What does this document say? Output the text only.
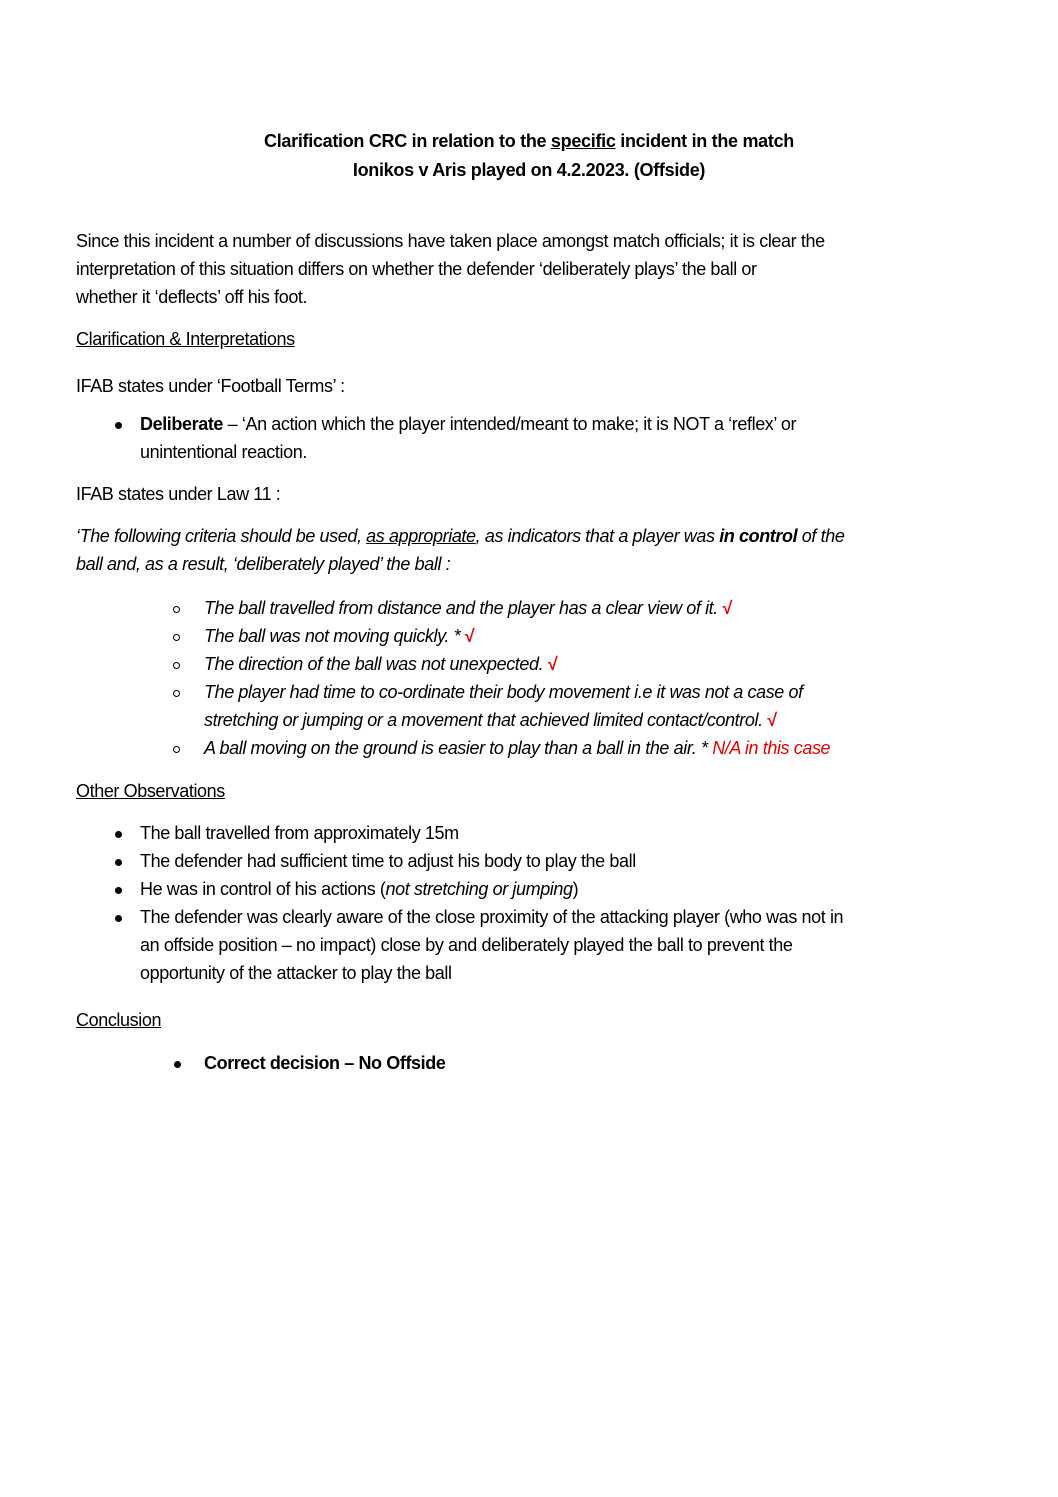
Clarification CRC in relation to the specific incident in the match
Ionikos v Aris played on 4.2.2023. (Offside)
Since this incident a number of discussions have taken place amongst match officials; it is clear the
interpretation of this situation differs on whether the defender ‘deliberately plays’ the ball or
whether it ‘deflects’ off his foot.
Clarification & Interpretations
IFAB states under ‘Football Terms’ :
Deliberate – ‘An action which the player intended/meant to make; it is NOT a ‘reflex’ or
unintentional reaction.
IFAB states under Law 11 :
‘The following criteria should be used, as appropriate, as indicators that a player was in control of the
ball and, as a result, ‘deliberately played’ the ball :
The ball travelled from distance and the player has a clear view of it. √
The ball was not moving quickly. * √
The direction of the ball was not unexpected. √
The player had time to co-ordinate their body movement i.e it was not a case of
stretching or jumping or a movement that achieved limited contact/control. √
A ball moving on the ground is easier to play than a ball in the air. * N/A in this case
Other Observations
The ball travelled from approximately 15m
The defender had sufficient time to adjust his body to play the ball
He was in control of his actions (not stretching or jumping)
The defender was clearly aware of the close proximity of the attacking player (who was not in
an offside position – no impact) close by and deliberately played the ball to prevent the
opportunity of the attacker to play the ball
Conclusion
Correct decision – No Offside
